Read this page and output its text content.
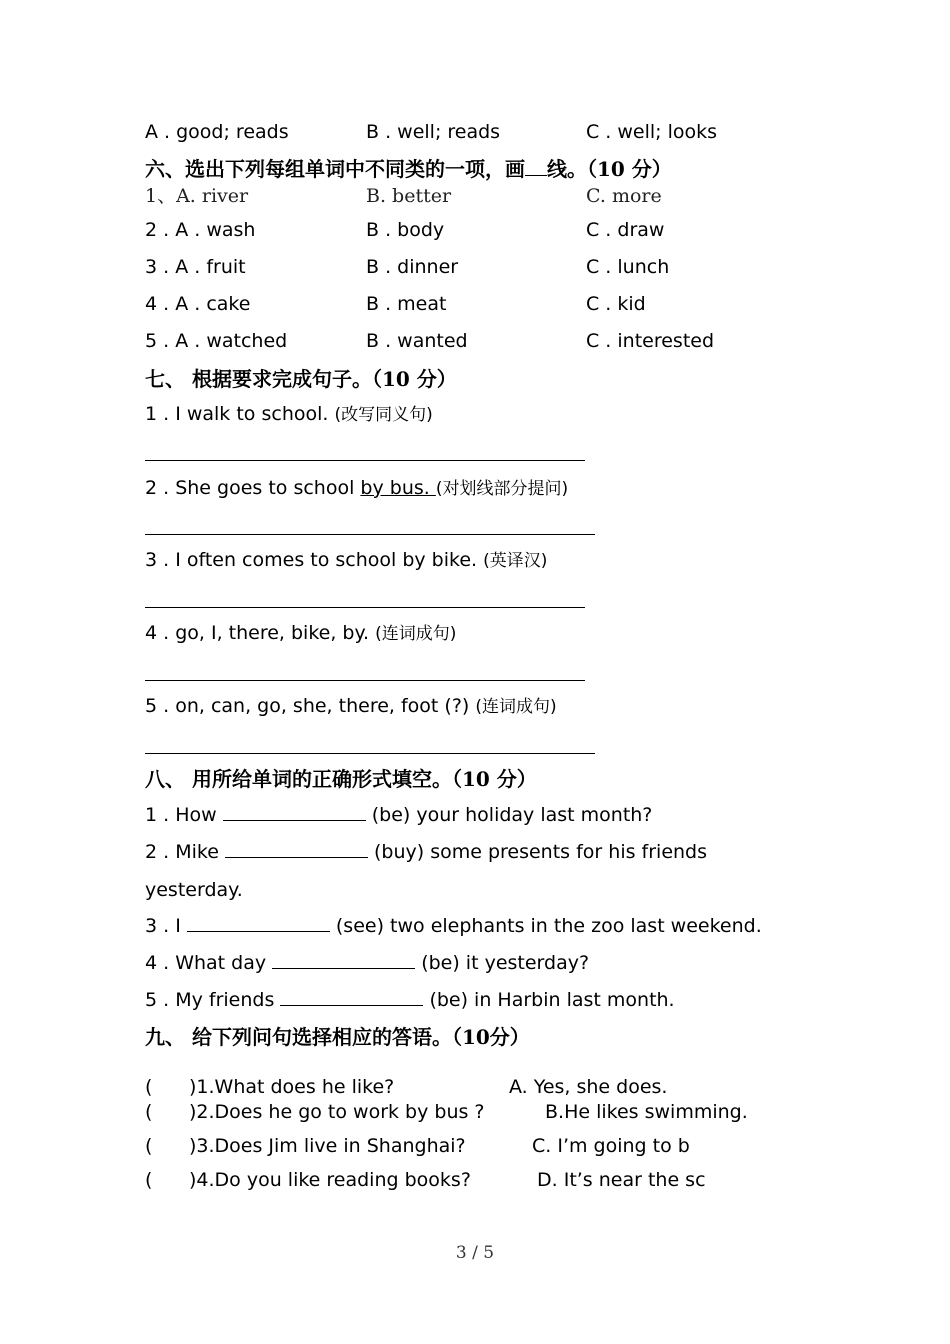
A . good; reads	B . well; reads	C . well; looks
六、选出下列每组单词中不同类的一项，画 线。（10 分）
1、A. river	B. better	C. more
2 . A . wash	B . body	C . draw
3 . A . fruit	B . dinner	C . lunch
4 . A . cake	B . meat	C . kid
5 . A . watched	B . wanted	C . interested
七、 根据要求完成句子。（10 分）
1 . I walk to school. (改写同义句)
2 . She goes to school by bus. (对划线部分提问)
3 . I often comes to school by bike. (英译汉)
4 . go, I, there, bike, by. (连词成句)
5 . on, can, go, she, there, foot (?) (连词成句)
八、 用所给单词的正确形式填空。（10 分）
1 . How	(be) your holiday last month?
2 . Mike	(buy) some presents for his friends
yesterday.
3 . I	(see) two elephants in the zoo last weekend.
4 . What day	(be) it yesterday?
5 . My friends	(be) in Harbin last month.
九、 给下列问句选择相应的答语。（10分）
( )1.What does he like?	A. Yes, she does.
( )2.Does he go to work by bus ?	B.He likes swimming.
( )3.Does Jim live in Shanghai?	C. I’m going to b
( )4.Do you like reading books?	D. It’s near the sc
3 / 5
